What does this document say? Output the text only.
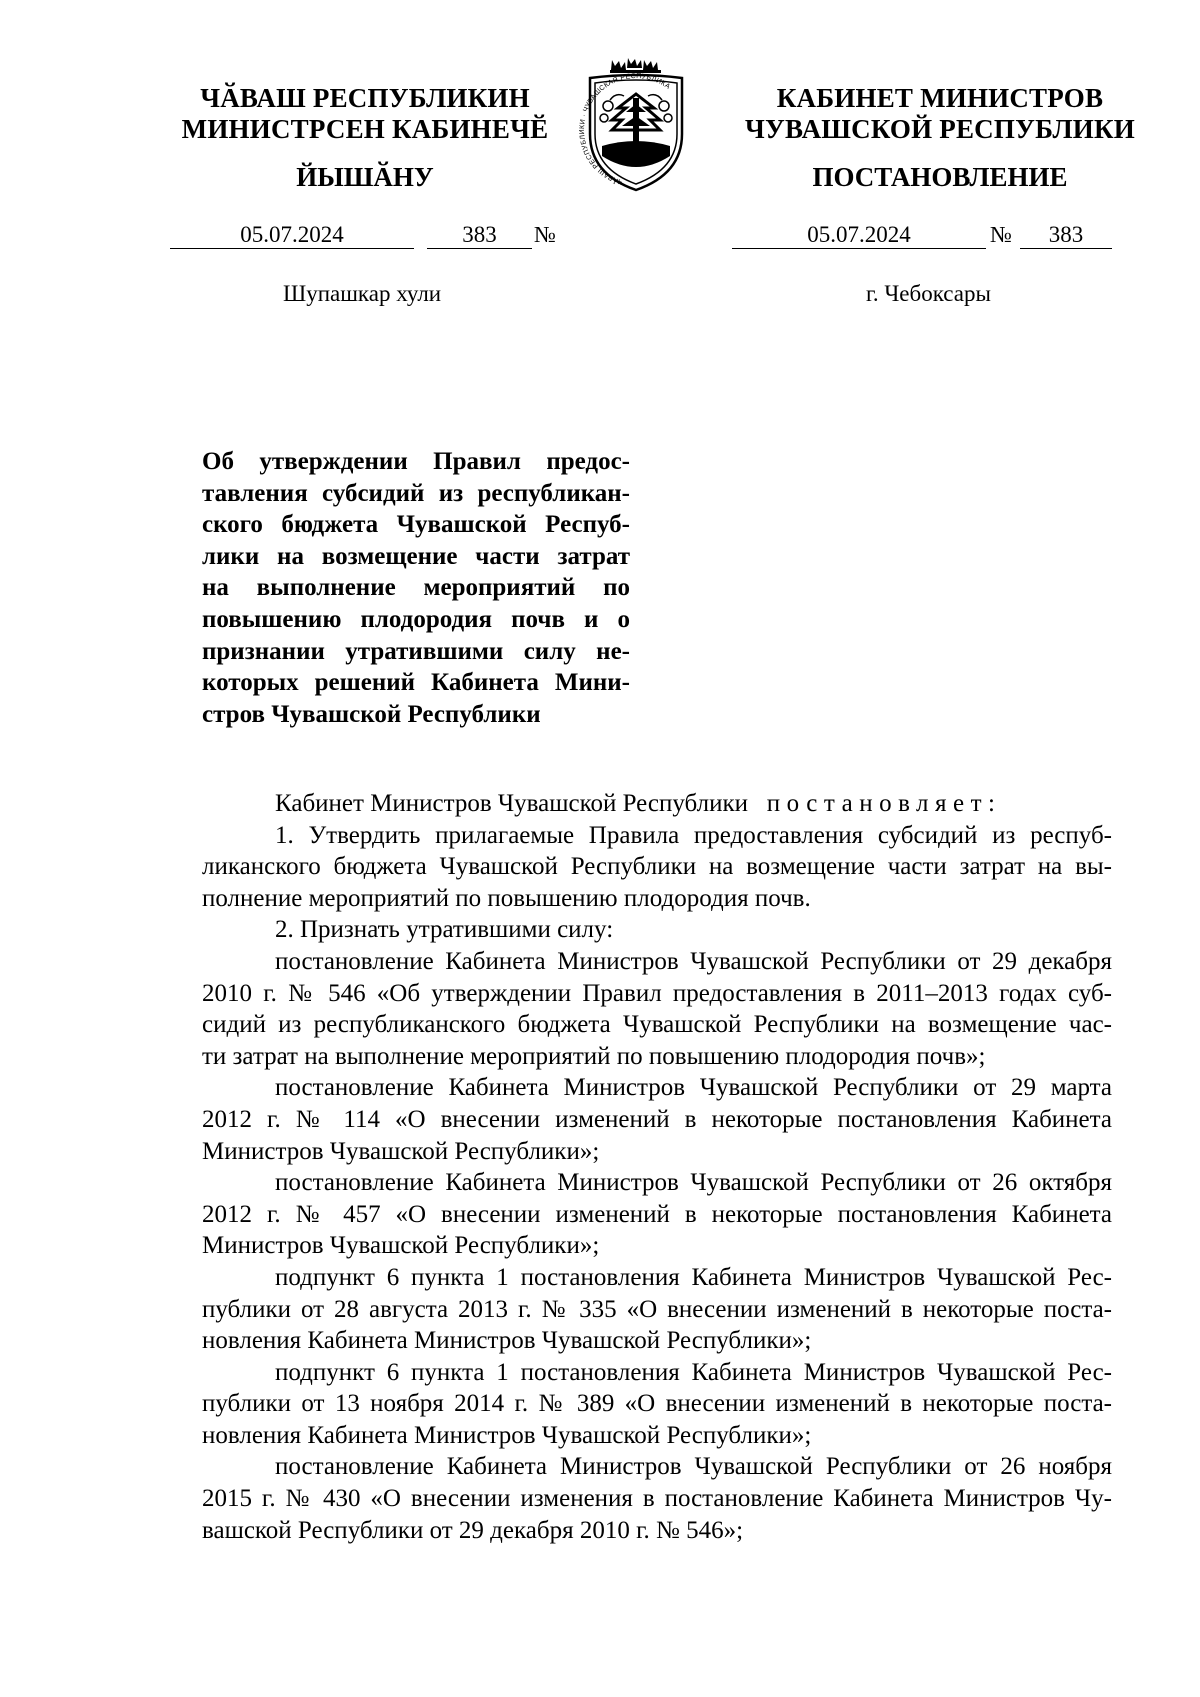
ЧӐВАШ РЕСПУБЛИКИН
МИНИСТРСЕН КАБИНЕЧӖ
КАБИНЕТ МИНИСТРОВ
ЧУВАШСКОЙ РЕСПУБЛИКИ
ЙЫШӐНУ	ПОСТАНОВЛЕНИЕ
ЧӐВАШ РЕСПУБЛИКИ · ЧУВАШСКАЯ РЕСПУБЛИКА
05.07.2024	383	№	05.07.2024	№	383
Шупашкар хули	г. Чебоксары
Об утверждении Правил предос-
тавления субсидий из республикан-
ского бюджета Чувашской Респуб-
лики на возмещение части затрат
на выполнение мероприятий по
повышению плодородия почв и о
признании утратившими силу не-
которых решений Кабинета Мини-
стров Чувашской Республики
Кабинет Министров Чувашской Республики постановляет:
1. Утвердить прилагаемые Правила предоставления субсидий из респуб-
ликанского бюджета Чувашской Республики на возмещение части затрат на вы-
полнение мероприятий по повышению плодородия почв.
2. Признать утратившими силу:
постановление Кабинета Министров Чувашской Республики от 29 декабря
2010 г. № 546 «Об утверждении Правил предоставления в 2011–2013 годах суб-
сидий из республиканского бюджета Чувашской Республики на возмещение час-
ти затрат на выполнение мероприятий по повышению плодородия почв»;
постановление Кабинета Министров Чувашской Республики от 29 марта
2012 г. № 114 «О внесении изменений в некоторые постановления Кабинета
Министров Чувашской Республики»;
постановление Кабинета Министров Чувашской Республики от 26 октября
2012 г. № 457 «О внесении изменений в некоторые постановления Кабинета
Министров Чувашской Республики»;
подпункт 6 пункта 1 постановления Кабинета Министров Чувашской Рес-
публики от 28 августа 2013 г. № 335 «О внесении изменений в некоторые поста-
новления Кабинета Министров Чувашской Республики»;
подпункт 6 пункта 1 постановления Кабинета Министров Чувашской Рес-
публики от 13 ноября 2014 г. № 389 «О внесении изменений в некоторые поста-
новления Кабинета Министров Чувашской Республики»;
постановление Кабинета Министров Чувашской Республики от 26 ноября
2015 г. № 430 «О внесении изменения в постановление Кабинета Министров Чу-
вашской Республики от 29 декабря 2010 г. № 546»;
